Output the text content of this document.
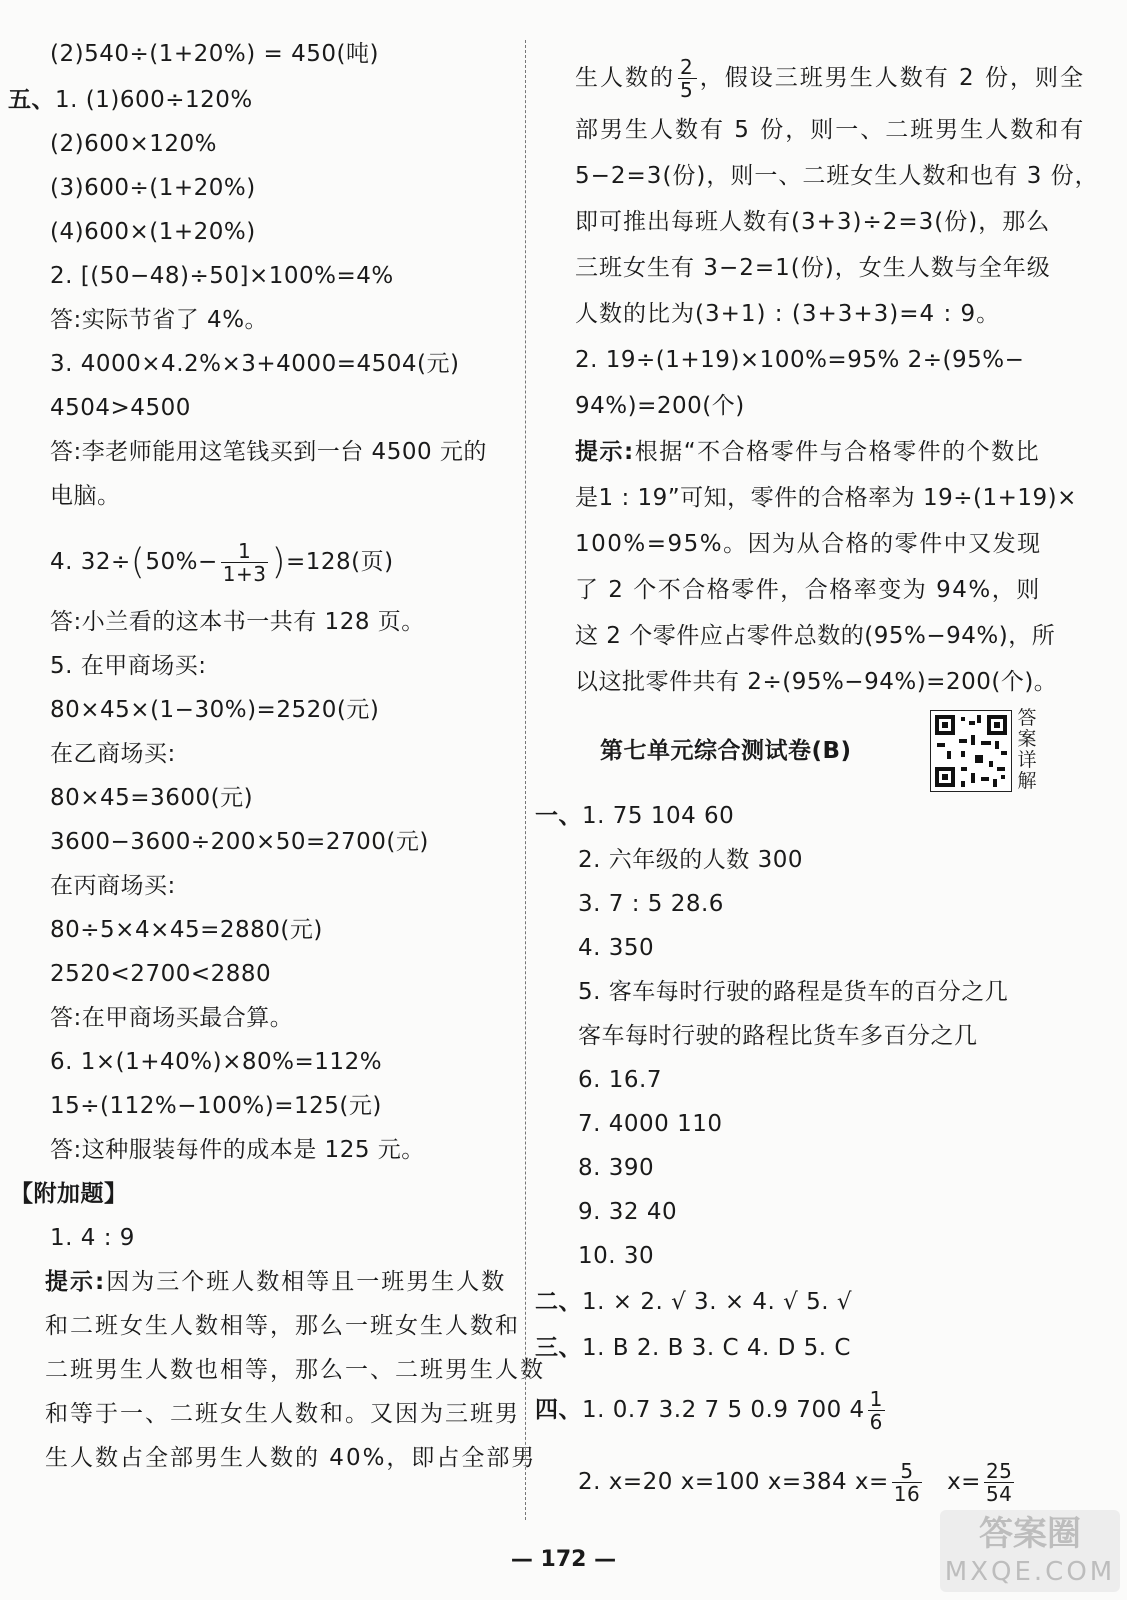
(2)540÷(1+20%) = 450(吨)
五、1. (1)600÷120%
(2)600×120%
(3)600÷(1+20%)
(4)600×(1+20%)
2. [(50−48)÷50]×100%=4%
答:实际节省了 4%。
3. 4000×4.2%×3+4000=4504(元)
4504>4500
答:李老师能用这笔钱买到一台 4500 元的
电脑。
4. $32\div(50\%- \frac{1}{1+3} )=128$(页)
答:小兰看的这本书一共有 128 页。
5. 在甲商场买:
80×45×(1−30%)=2520(元)
在乙商场买:
80×45=3600(元)
3600−3600÷200×50=2700(元)
在丙商场买:
80÷5×4×45=2880(元)
2520<2700<2880
答:在甲商场买最合算。
6. 1×(1+40%)×80%=112%
15÷(112%−100%)=125(元)
答:这种服装每件的成本是 125 元。
【附加题】
1. 4 : 9
提示:因为三个班人数相等且一班男生人数
和二班女生人数相等，那么一班女生人数和
二班男生人数也相等，那么一、二班男生人数
和等于一、二班女生人数和。又因为三班男
生人数占全部男生人数的 40%，即占全部男
生人数的 $\frac{2}{5}$ ，假设三班男生人数有 2 份，则全
部男生人数有 5 份，则一、二班男生人数和有
5−2=3(份)，则一、二班女生人数和也有 3 份，
即可推出每班人数有(3+3)÷2=3(份)，那么
三班女生有 3−2=1(份)，女生人数与全年级
人数的比为(3+1) : (3+3+3)=4 : 9。
2. 19÷(1+19)×100%=95% 2÷(95%−
94%)=200(个)
提示:根据“不合格零件与合格零件的个数比
是1 : 19”可知，零件的合格率为 19÷(1+19)×
100%=95%。因为从合格的零件中又发现
了 2 个不合格零件，合格率变为 94%，则
这 2 个零件应占零件总数的(95%−94%)，所
以这批零件共有 2÷(95%−94%)=200(个)。
第七单元综合测试卷(B)
答案详解
一、1. 75 104 60
2. 六年级的人数 300
3. 7 : 5 28.6
4. 350
5. 客车每时行驶的路程是货车的百分之几
客车每时行驶的路程比货车多百分之几
6. 16.7
7. 4000 110
8. 390
9. 32 40
10. 30
二、1. × 2. √ 3. × 4. √ 5. √
三、1. B 2. B 3. C 4. D 5. C
四、1. 0.7 3.2 7 5 0.9 700 $4 \frac{1}{6}$
2. x=20 x=100 x=384 $x= \frac{5}{16} x= \frac{25}{54}$
— 172 —
答案圈
MXQE.COM
